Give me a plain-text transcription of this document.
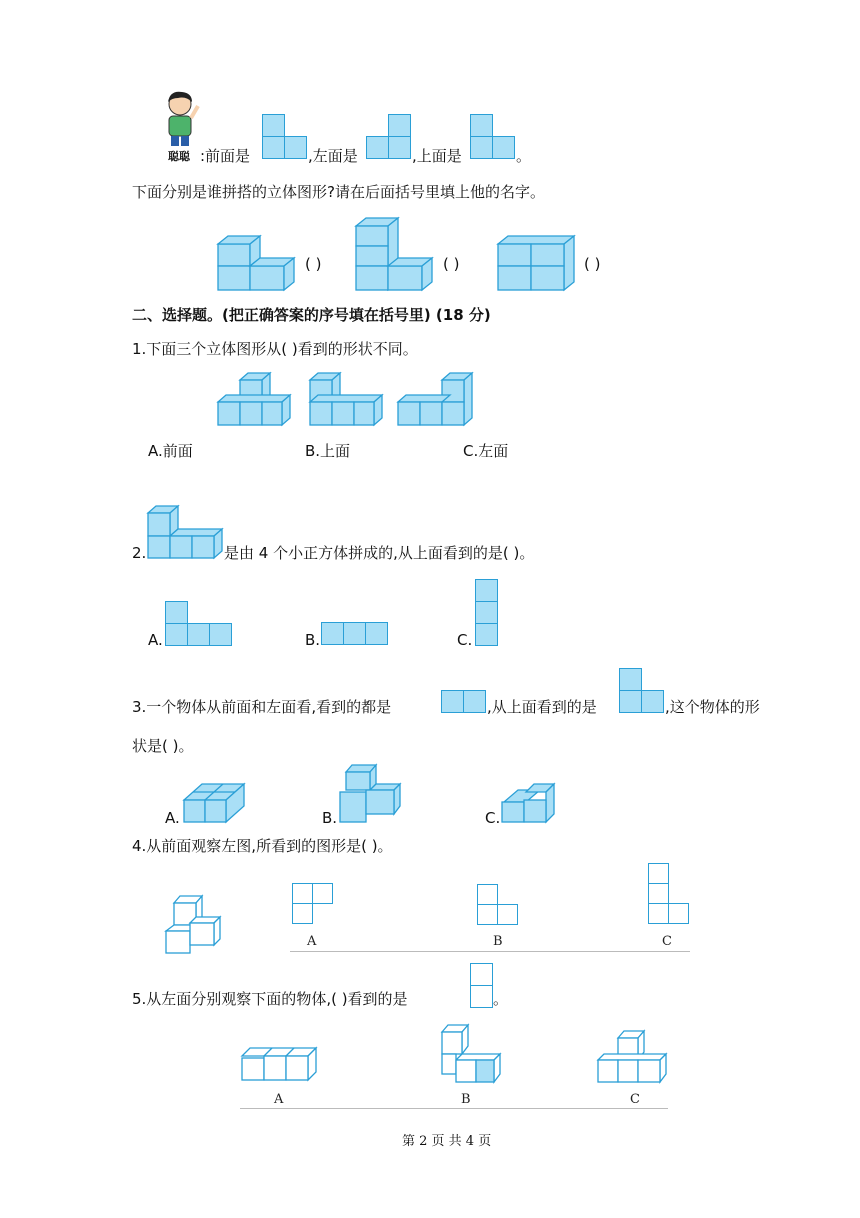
聪聪 :前面是	,左面是	,上面是	。
下面分别是谁拼搭的立体图形?请在后面括号里填上他的名字。
( )	( )	( )
二、选择题。(把正确答案的序号填在括号里) (18 分)
1.下面三个立体图形从( )看到的形状不同。
A.前面	B.上面	C.左面
2.	是由 4 个小正方体拼成的,从上面看到的是( )。
A.	B.	C.
3.一个物体从前面和左面看,看到的都是	,从上面看到的是	,这个物体的形
状是( )。
A.	B.	C.
4.从前面观察左图,所看到的图形是( )。
A	B	C
5.从左面分别观察下面的物体,( )看到的是	。
A	B	C
第 2 页 共 4 页
